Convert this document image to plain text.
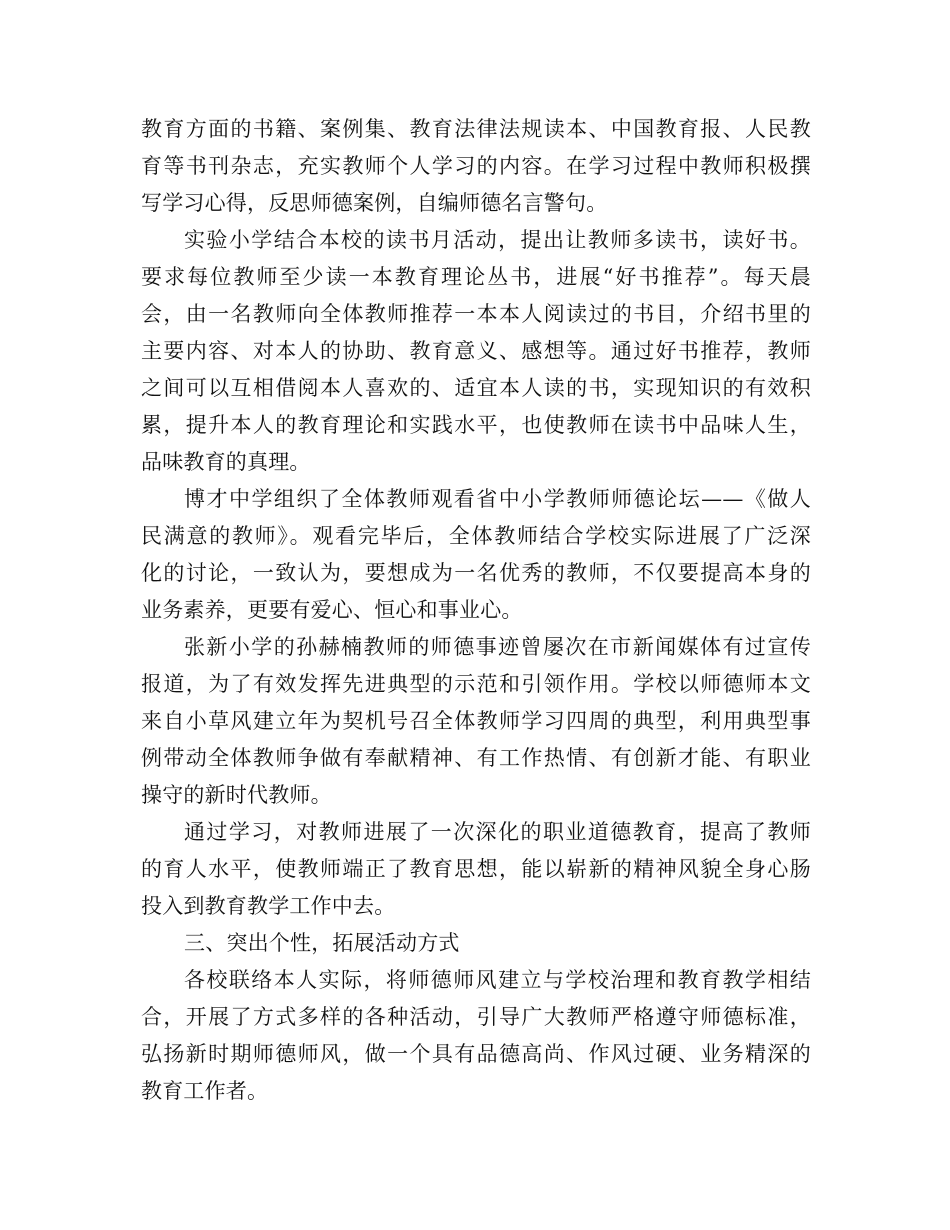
教育方面的书籍、案例集、教育法律法规读本、中国教育报、人民教
育等书刊杂志，充实教师个人学习的内容。在学习过程中教师积极撰
写学习心得，反思师德案例，自编师德名言警句。
实验小学结合本校的读书月活动，提出让教师多读书，读好书。
要求每位教师至少读一本教育理论丛书，进展“好书推荐”。每天晨
会，由一名教师向全体教师推荐一本本人阅读过的书目，介绍书里的
主要内容、对本人的协助、教育意义、感想等。通过好书推荐，教师
之间可以互相借阅本人喜欢的、适宜本人读的书，实现知识的有效积
累，提升本人的教育理论和实践水平，也使教师在读书中品味人生，
品味教育的真理。
博才中学组织了全体教师观看省中小学教师师德论坛——《做人
民满意的教师》。观看完毕后，全体教师结合学校实际进展了广泛深
化的讨论，一致认为，要想成为一名优秀的教师，不仅要提高本身的
业务素养，更要有爱心、恒心和事业心。
张新小学的孙赫楠教师的师德事迹曾屡次在市新闻媒体有过宣传
报道，为了有效发挥先进典型的示范和引领作用。学校以师德师本文
来自小草风建立年为契机号召全体教师学习四周的典型，利用典型事
例带动全体教师争做有奉献精神、有工作热情、有创新才能、有职业
操守的新时代教师。
通过学习，对教师进展了一次深化的职业道德教育，提高了教师
的育人水平，使教师端正了教育思想，能以崭新的精神风貌全身心肠
投入到教育教学工作中去。
三、突出个性，拓展活动方式
各校联络本人实际，将师德师风建立与学校治理和教育教学相结
合，开展了方式多样的各种活动，引导广大教师严格遵守师德标准，
弘扬新时期师德师风，做一个具有品德高尚、作风过硬、业务精深的
教育工作者。
